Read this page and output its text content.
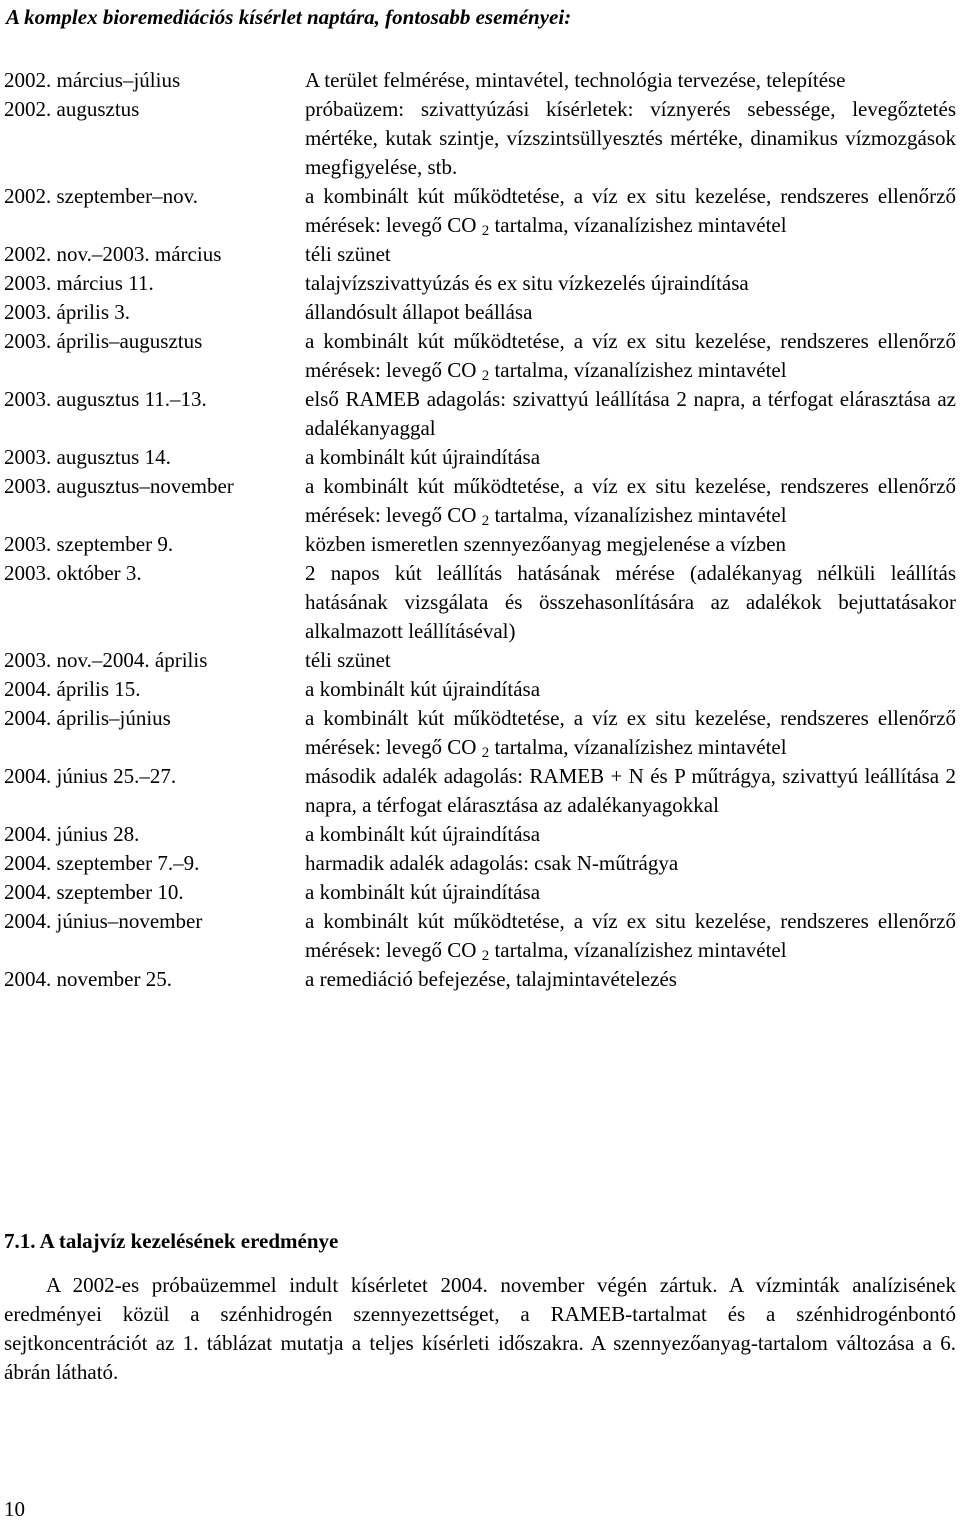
A komplex bioremediációs kísérlet naptára, fontosabb eseményei:
2002. március–július	A terület felmérése, mintavétel, technológia tervezése, telepítése
2002. augusztus	próbaüzem: szivattyúzási kísérletek: víznyerés sebessége, levegőztetés mértéke, kutak szintje, vízszintsüllyesztés mértéke, dinamikus vízmozgások megfigyelése, stb.
2002. szeptember–nov.	a kombinált kút működtetése, a víz ex situ kezelése, rendszeres ellenőrző mérések: levegő CO $_2$ tartalma, vízanalízishez mintavétel
2002. nov.–2003. március	téli szünet
2003. március 11.	talajvízszivattyúzás és ex situ vízkezelés újraindítása
2003. április 3.	állandósult állapot beállása
2003. április–augusztus	a kombinált kút működtetése, a víz ex situ kezelése, rendszeres ellenőrző mérések: levegő CO $_2$ tartalma, vízanalízishez mintavétel
2003. augusztus 11.–13.	első RAMEB adagolás: szivattyú leállítása 2 napra, a térfogat elárasztása az adalékanyaggal
2003. augusztus 14.	a kombinált kút újraindítása
2003. augusztus–november	a kombinált kút működtetése, a víz ex situ kezelése, rendszeres ellenőrző mérések: levegő CO $_2$ tartalma, vízanalízishez mintavétel
2003. szeptember 9.	közben ismeretlen szennyezőanyag megjelenése a vízben
2003. október 3.	2 napos kút leállítás hatásának mérése (adalékanyag nélküli leállítás hatásának vizsgálata és összehasonlítására az adalékok bejuttatásakor alkalmazott leállításéval)
2003. nov.–2004. április	téli szünet
2004. április 15.	a kombinált kút újraindítása
2004. április–június	a kombinált kút működtetése, a víz ex situ kezelése, rendszeres ellenőrző mérések: levegő CO $_2$ tartalma, vízanalízishez mintavétel
2004. június 25.–27.	második adalék adagolás: RAMEB + N és P műtrágya, szivattyú leállítása 2 napra, a térfogat elárasztása az adalékanyagokkal
2004. június 28.	a kombinált kút újraindítása
2004. szeptember 7.–9.	harmadik adalék adagolás: csak N-műtrágya
2004. szeptember 10.	a kombinált kút újraindítása
2004. június–november	a kombinált kút működtetése, a víz ex situ kezelése, rendszeres ellenőrző mérések: levegő CO $_2$ tartalma, vízanalízishez mintavétel
2004. november 25.	a remediáció befejezése, talajmintavételezés
7.1. A talajvíz kezelésének eredménye
A 2002-es próbaüzemmel indult kísérletet 2004. november végén zártuk. A vízminták analízisének eredményei közül a szénhidrogén szennyezettséget, a RAMEB-tartalmat és a szénhidrogénbontó sejtkoncentrációt az 1. táblázat mutatja a teljes kísérleti időszakra. A szennyezőanyag-tartalom változása a 6. ábrán látható.
10
